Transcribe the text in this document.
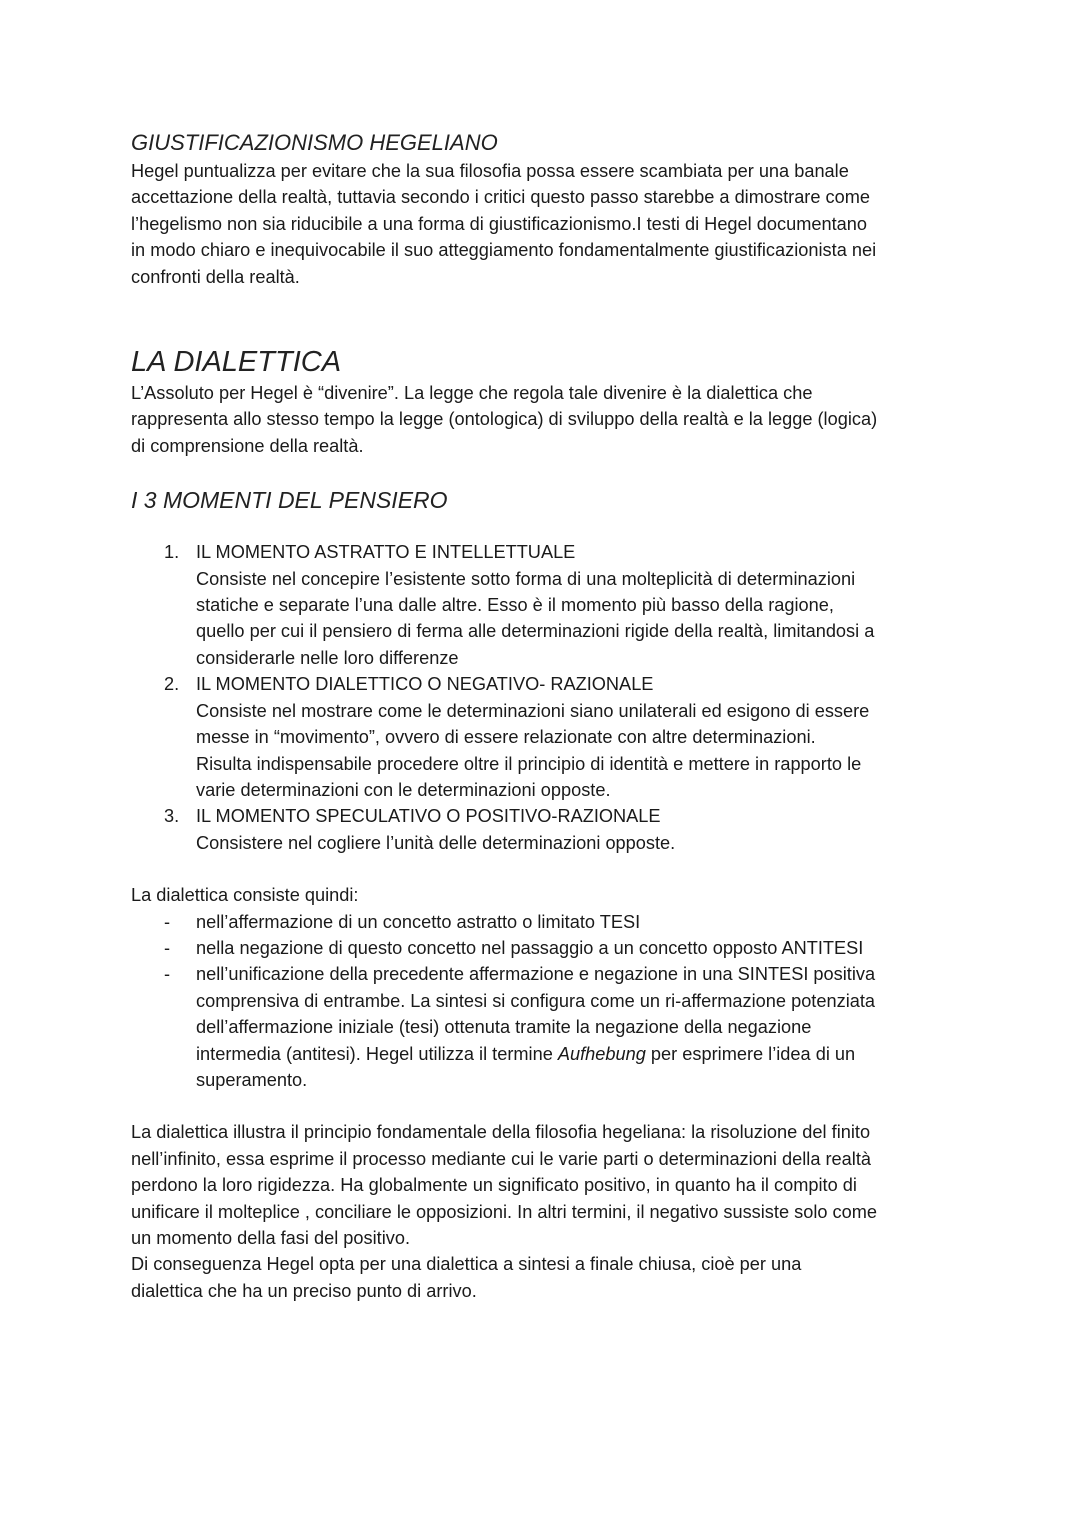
GIUSTIFICAZIONISMO HEGELIANO

Hegel puntualizza per evitare che la sua filosofia possa essere scambiata per una banale

accettazione della realtà, tuttavia secondo i critici questo passo starebbe a dimostrare come

l’hegelismo non sia riducibile a una forma di giustificazionismo.I testi di Hegel documentano

in modo chiaro e inequivocabile il suo atteggiamento fondamentalmente giustificazionista nei

confronti della realtà.

LA DIALETTICA

L’Assoluto per Hegel è “divenire”. La legge che regola tale divenire è la dialettica che

rappresenta allo stesso tempo la legge (ontologica) di sviluppo della realtà e la legge (logica)

di comprensione della realtà.

I 3 MOMENTI DEL PENSIERO
1. IL MOMENTO ASTRATTO E INTELLETTUALE
Consiste nel concepire l’esistente sotto forma di una molteplicità di determinazioni
statiche e separate l’una dalle altre. Esso è il momento più basso della ragione,
quello per cui il pensiero di ferma alle determinazioni rigide della realtà, limitandosi a
considerarle nelle loro differenze
2. IL MOMENTO DIALETTICO O NEGATIVO- RAZIONALE
Consiste nel mostrare come le determinazioni siano unilaterali ed esigono di essere
messe in “movimento”, ovvero di essere relazionate con altre determinazioni.
Risulta indispensabile procedere oltre il principio di identità e mettere in rapporto le
varie determinazioni con le determinazioni opposte.
3. IL MOMENTO SPECULATIVO O POSITIVO-RAZIONALE
Consistere nel cogliere l’unità delle determinazioni opposte.

La dialettica consiste quindi:

- nell’affermazione di un concetto astratto o limitato TESI
- nella negazione di questo concetto nel passaggio a un concetto opposto ANTITESI
- nell’unificazione della precedente affermazione e negazione in una SINTESI positiva
comprensiva di entrambe. La sintesi si configura come un ri-affermazione potenziata
dell’affermazione iniziale (tesi) ottenuta tramite la negazione della negazione
intermedia (antitesi). Hegel utilizza il termine Aufhebung per esprimere l’idea di un
superamento.

La dialettica illustra il principio fondamentale della filosofia hegeliana: la risoluzione del finito

nell’infinito, essa esprime il processo mediante cui le varie parti o determinazioni della realtà

perdono la loro rigidezza. Ha globalmente un significato positivo, in quanto ha il compito di

unificare il molteplice , conciliare le opposizioni. In altri termini, il negativo sussiste solo come

un momento della fasi del positivo.

Di conseguenza Hegel opta per una dialettica a sintesi a finale chiusa, cioè per una

dialettica che ha un preciso punto di arrivo.
